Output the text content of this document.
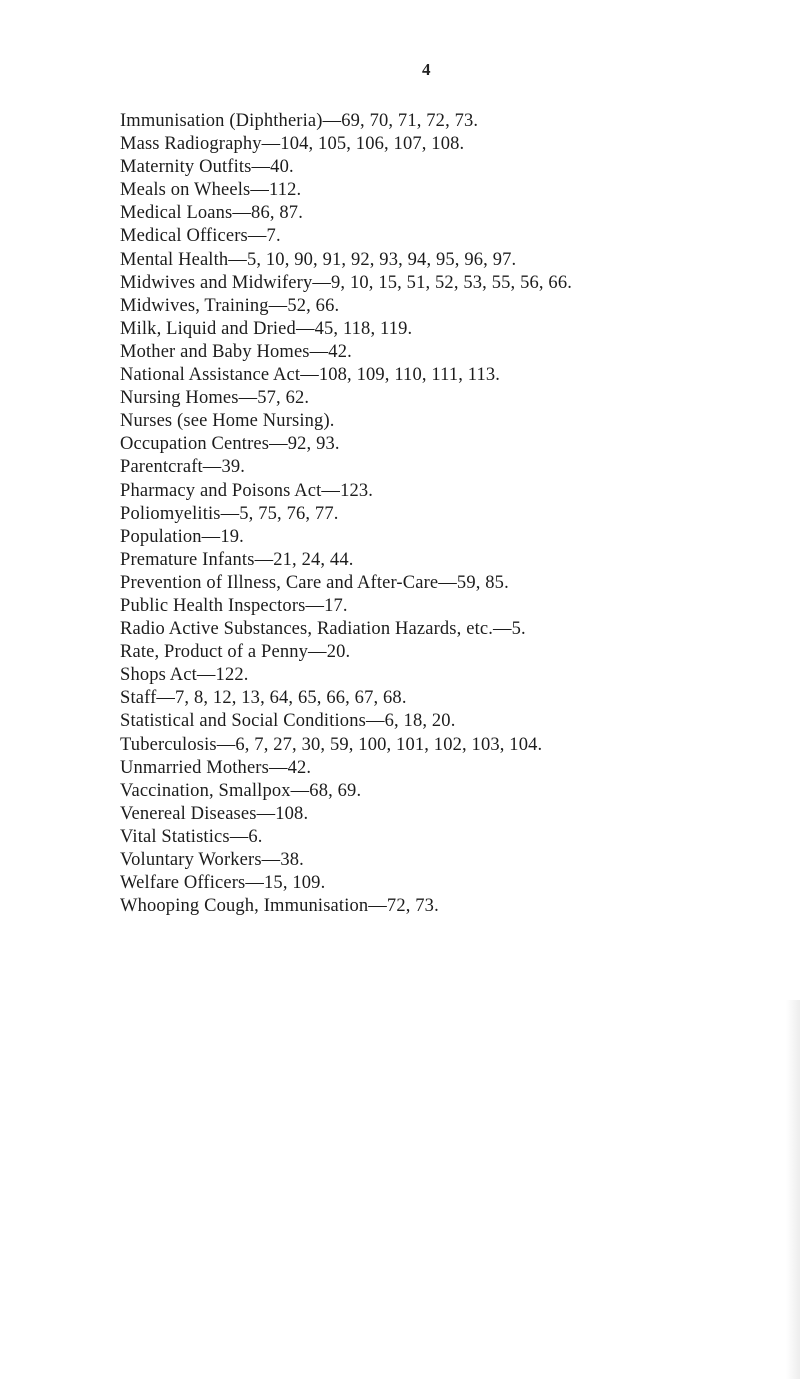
4
Immunisation (Diphtheria)—69, 70, 71, 72, 73.
Mass Radiography—104, 105, 106, 107, 108.
Maternity Outfits—40.
Meals on Wheels—112.
Medical Loans—86, 87.
Medical Officers—7.
Mental Health—5, 10, 90, 91, 92, 93, 94, 95, 96, 97.
Midwives and Midwifery—9, 10, 15, 51, 52, 53, 55, 56, 66.
Midwives, Training—52, 66.
Milk, Liquid and Dried—45, 118, 119.
Mother and Baby Homes—42.
National Assistance Act—108, 109, 110, 111, 113.
Nursing Homes—57, 62.
Nurses (see Home Nursing).
Occupation Centres—92, 93.
Parentcraft—39.
Pharmacy and Poisons Act—123.
Poliomyelitis—5, 75, 76, 77.
Population—19.
Premature Infants—21, 24, 44.
Prevention of Illness, Care and After-Care—59, 85.
Public Health Inspectors—17.
Radio Active Substances, Radiation Hazards, etc.—5.
Rate, Product of a Penny—20.
Shops Act—122.
Staff—7, 8, 12, 13, 64, 65, 66, 67, 68.
Statistical and Social Conditions—6, 18, 20.
Tuberculosis—6, 7, 27, 30, 59, 100, 101, 102, 103, 104.
Unmarried Mothers—42.
Vaccination, Smallpox—68, 69.
Venereal Diseases—108.
Vital Statistics—6.
Voluntary Workers—38.
Welfare Officers—15, 109.
Whooping Cough, Immunisation—72, 73.
